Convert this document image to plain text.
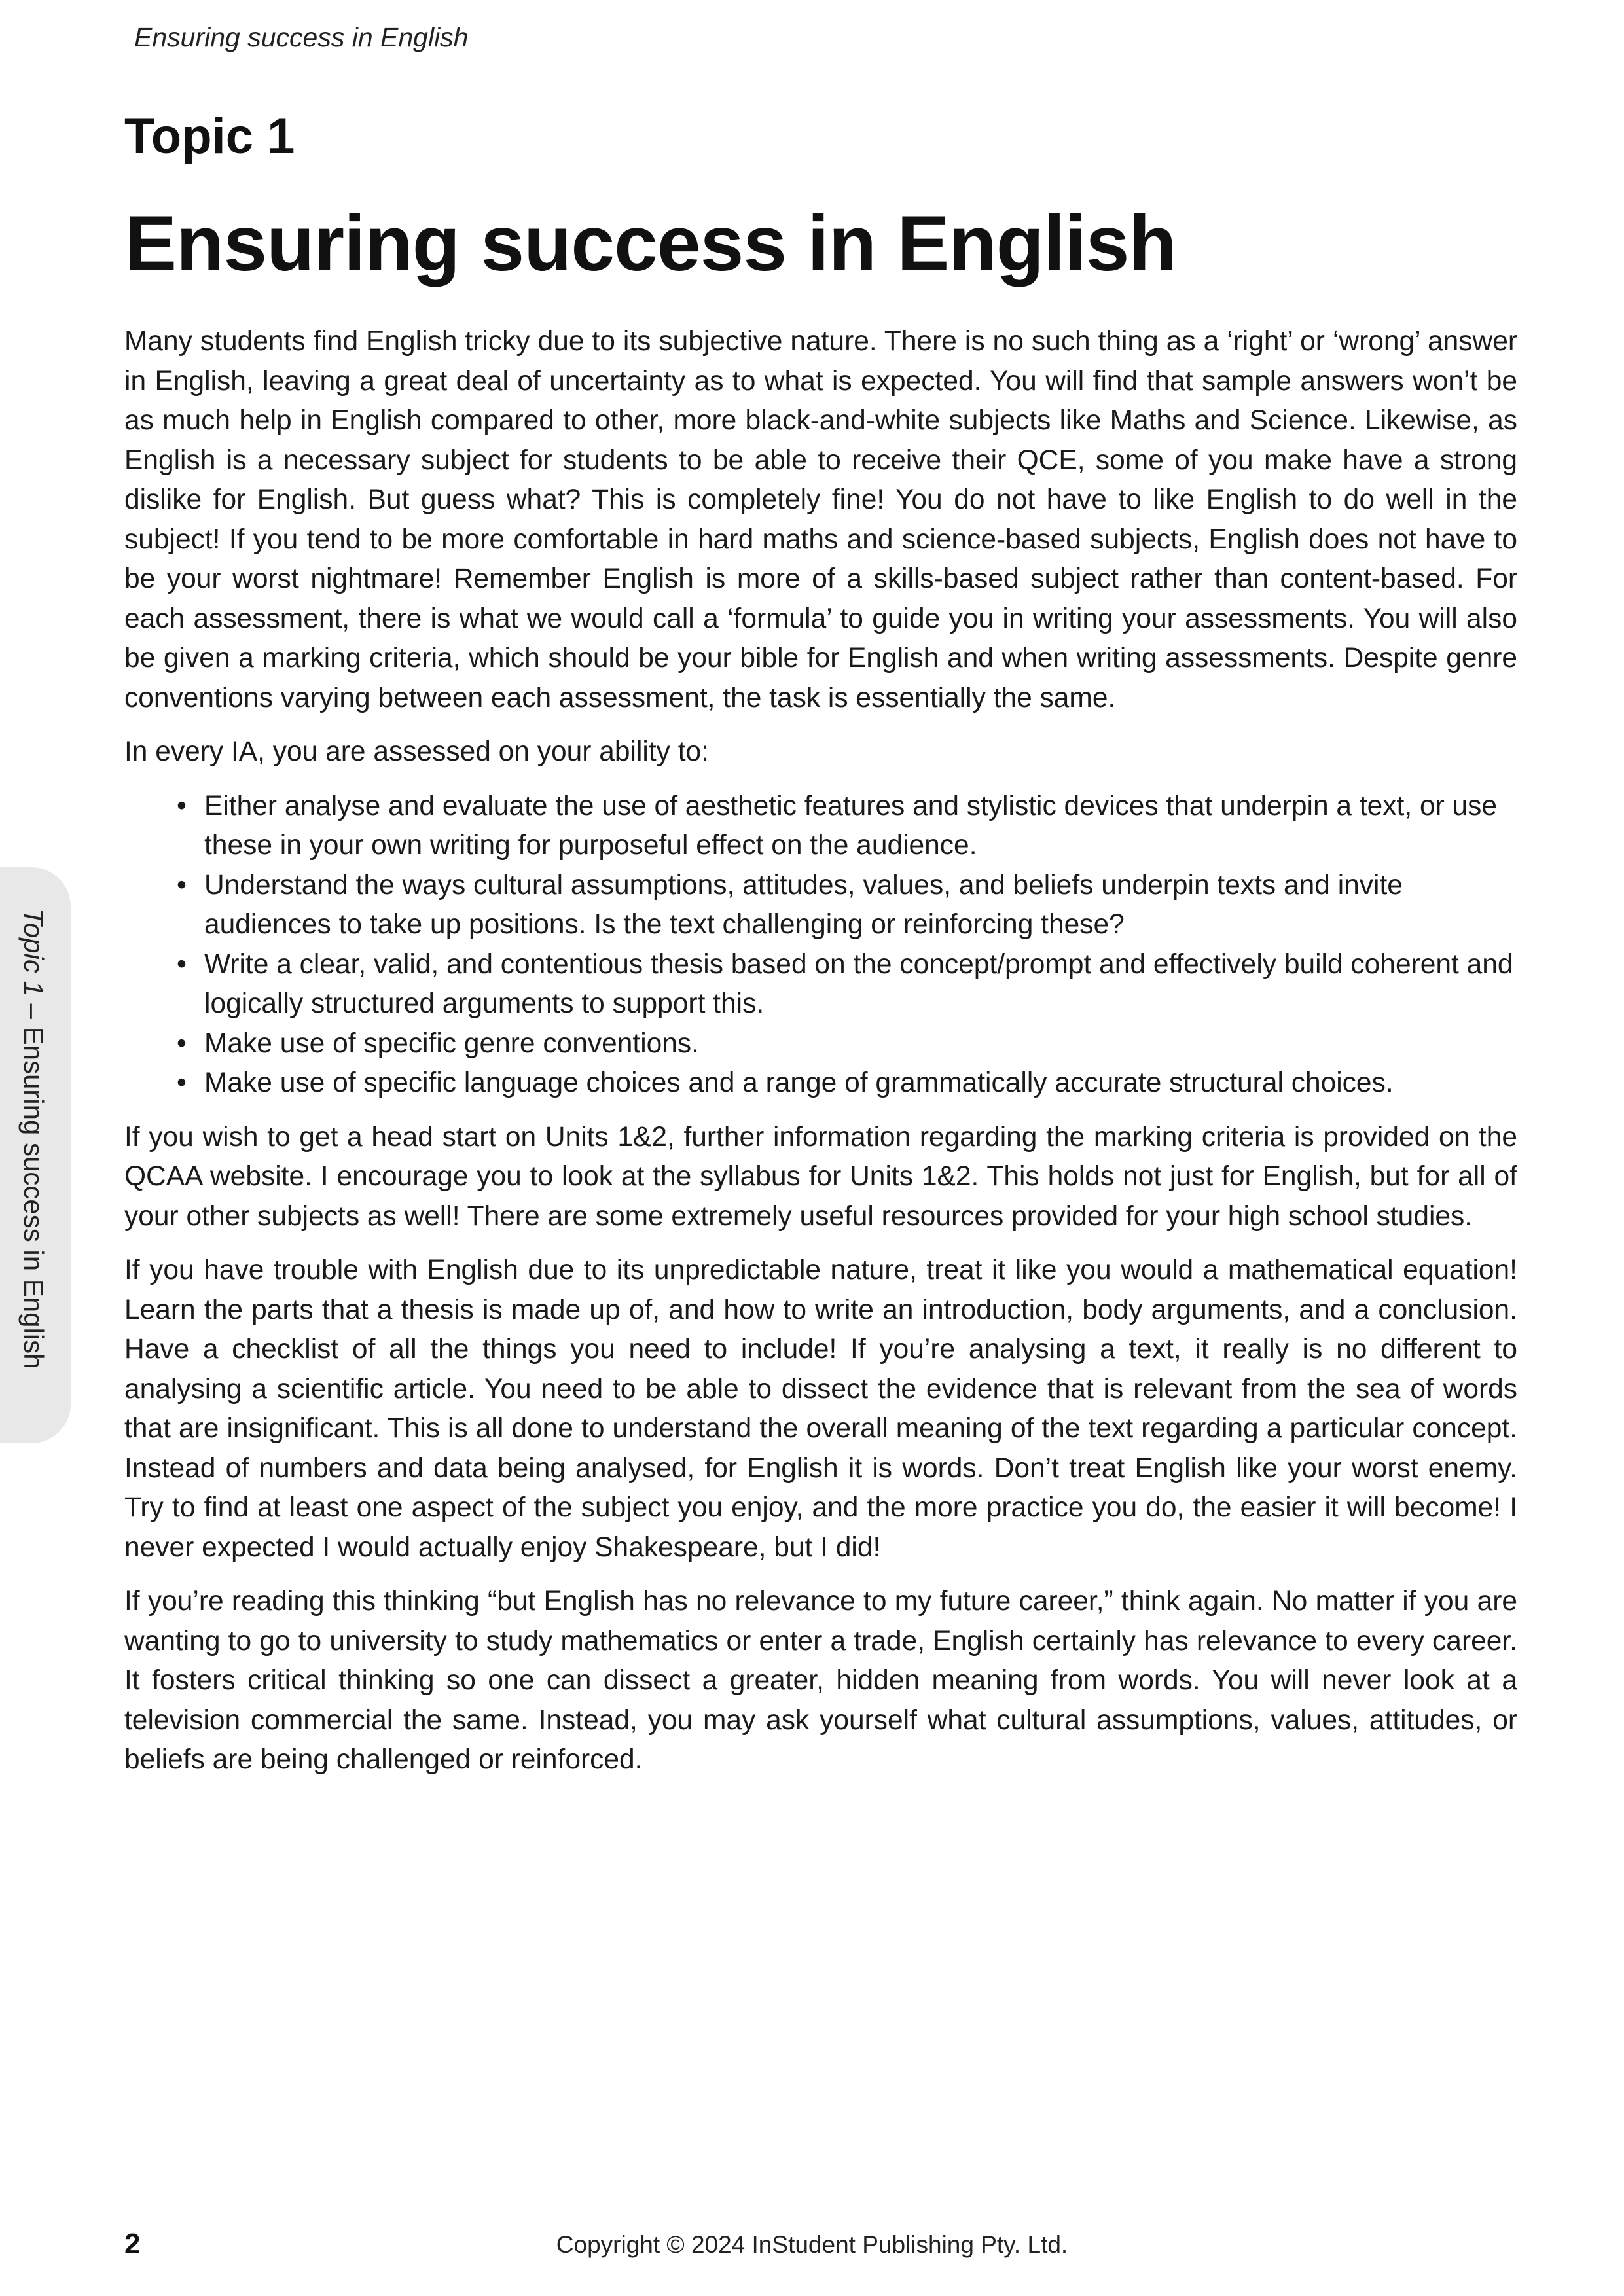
Ensuring success in English
Topic 1
Ensuring success in English

Many students find English tricky due to its subjective nature. There is no such thing as a ‘right’ or ‘wrong’ answer in English, leaving a great deal of uncertainty as to what is expected. You will find that sample answers won’t be as much help in English compared to other, more black-and-white subjects like Maths and Science. Likewise, as English is a necessary subject for students to be able to receive their QCE, some of you make have a strong dislike for English. But guess what? This is completely fine! You do not have to like English to do well in the subject! If you tend to be more comfortable in hard maths and science-based subjects, English does not have to be your worst nightmare! Remember English is more of a skills-based subject rather than content-based. For each assessment, there is what we would call a ‘formula’ to guide you in writing your assessments. You will also be given a marking criteria, which should be your bible for English and when writing assessments. Despite genre conventions varying between each assessment, the task is essentially the same.

In every IA, you are assessed on your ability to:

• Either analyse and evaluate the use of aesthetic features and stylistic devices that underpin a text, or use these in your own writing for purposeful effect on the audience.
• Understand the ways cultural assumptions, attitudes, values, and beliefs underpin texts and invite audiences to take up positions. Is the text challenging or reinforcing these?
• Write a clear, valid, and contentious thesis based on the concept/prompt and effectively build coherent and logically structured arguments to support this.
• Make use of specific genre conventions.
• Make use of specific language choices and a range of grammatically accurate structural choices.

If you wish to get a head start on Units 1&2, further information regarding the marking criteria is provided on the QCAA website. I encourage you to look at the syllabus for Units 1&2. This holds not just for English, but for all of your other subjects as well! There are some extremely useful resources provided for your high school studies.

If you have trouble with English due to its unpredictable nature, treat it like you would a mathematical equation! Learn the parts that a thesis is made up of, and how to write an introduction, body arguments, and a conclusion. Have a checklist of all the things you need to include! If you’re analysing a text, it really is no different to analysing a scientific article. You need to be able to dissect the evidence that is relevant from the sea of words that are insignificant. This is all done to understand the overall meaning of the text regarding a particular concept. Instead of numbers and data being analysed, for English it is words. Don’t treat English like your worst enemy. Try to find at least one aspect of the subject you enjoy, and the more practice you do, the easier it will become! I never expected I would actually enjoy Shakespeare, but I did!

If you’re reading this thinking “but English has no relevance to my future career,” think again. No matter if you are wanting to go to university to study mathematics or enter a trade, English certainly has relevance to every career. It fosters critical thinking so one can dissect a greater, hidden meaning from words. You will never look at a television commercial the same. Instead, you may ask yourself what cultural assumptions, values, attitudes, or beliefs are being challenged or reinforced.

Topic 1 – Ensuring success in English
2	Copyright © 2024 InStudent Publishing Pty. Ltd.
